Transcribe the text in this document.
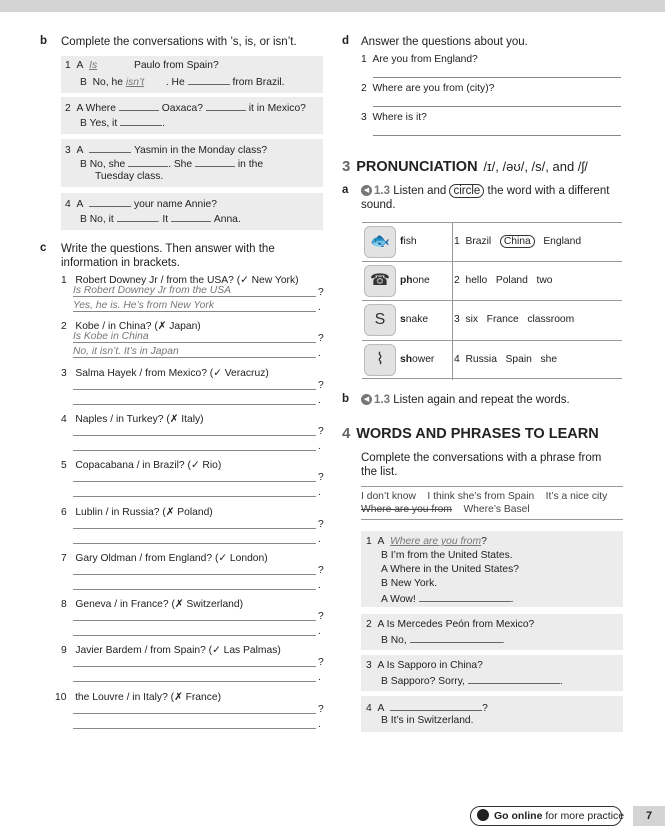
b Complete the conversations with ’s, is, or isn’t.
1 A Is	Paulo from Spain?
B No, he isn’t . He	from Brazil.
2 A Where	Oaxaca?	it in Mexico?
B Yes, it	.
3 A	Yasmin in the Monday class?
B No, she	. She	in the
Tuesday class.
4 A	your name Annie?
B No, it	. It	Anna.
c Write the questions. Then answer with the
information in brackets.
1 Robert Downey Jr / from the USA? (✓ New York)
Is Robert Downey Jr from the USA	?
Yes, he is. He’s from New York	.
2 Kobe / in China? (✗ Japan)
Is Kobe in China	?
No, it isn’t. It’s in Japan	.
3 Salma Hayek / from Mexico? (✓ Veracruz)
?
.
4 Naples / in Turkey? (✗ Italy)
?
.
5 Copacabana / in Brazil? (✓ Rio)
?
.
6 Lublin / in Russia? (✗ Poland)
?
.
7 Gary Oldman / from England? (✓ London)
?
.
8 Geneva / in France? (✗ Switzerland)
?
.
9 Javier Bardem / from Spain? (✓ Las Palmas)
?
.
10 the Louvre / in Italy? (✗ France)
?
.
d Answer the questions about you.
1 Are you from England?
2 Where are you from (city)?
3 Where is it?
3 PRONUNCIATION /ɪ/, /əʊ/, /s/, and /ʃ/
a	◀ 1.3 Listen and circle the word with a different
sound.
🐟 fish	1 Brazil China England
☎ phone 2 hello Poland two
S	snake	3 six France classroom
⌇	shower 4 Russia Spain she
b	◀ 1.3 Listen again and repeat the words.
4 WORDS AND PHRASES TO LEARN
Complete the conversations with a phrase from
the list.
I don’t know    I think she’s from Spain    It’s a nice city
Where are you from Where’s Basel
1 A Where are you from?
B I’m from the United States.
A Where in the United States?
B New York.
A Wow!	.
2 A Is Mercedes Peón from Mexico?
B No,	.
3 A Is Sapporo in China?
B Sapporo? Sorry,	.
4 A	?
B It’s in Switzerland.
Go online for more practice	7
